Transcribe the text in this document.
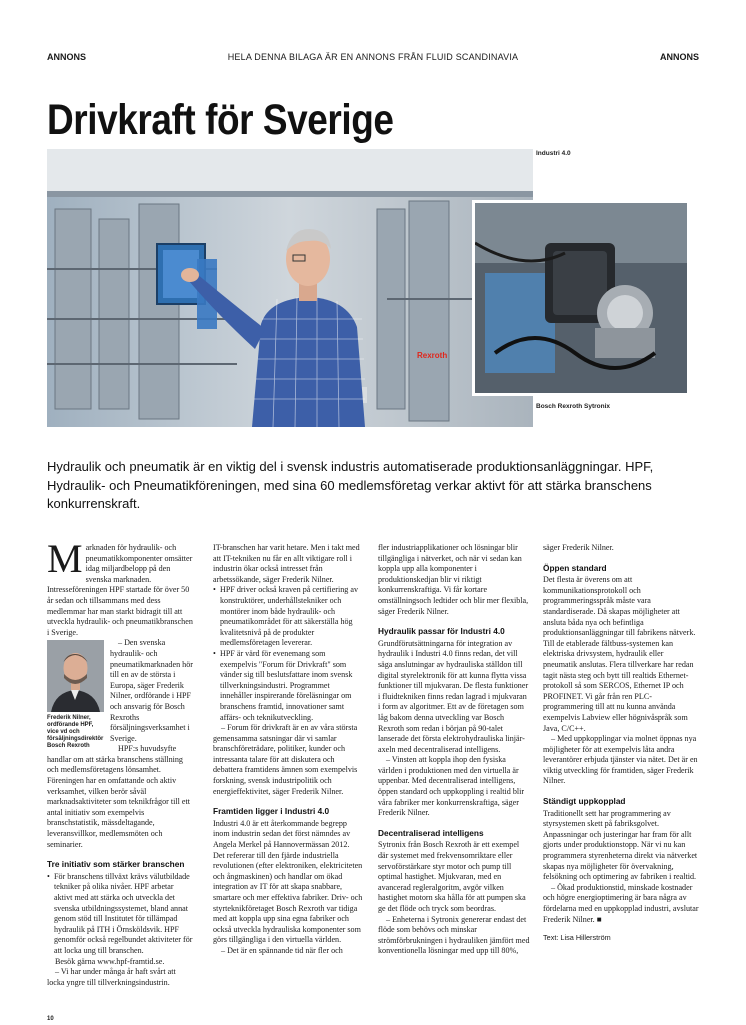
HELA DENNA BILAGA ÄR EN ANNONS FRÅN FLUID SCANDINAVIA
ANNONS	ANNONS
Drivkraft för Sverige
Rexroth
Industri 4.0
Bosch Rexroth Sytronix

Hydraulik och pneumatik är en viktig del i svensk industris automatiserade produktionsanläggningar. HPF, Hydraulik- och Pneumatikföreningen, med sina 60 medlemsföretag verkar aktivt för att stärka branschens konkurrenskraft.

Marknaden för hydraulik- och pneumatikkomponenter omsätter idag miljardbelopp på den svenska marknaden. Intresseföreningen HPF startade för över 50 år sedan och tillsammans med dess medlemmar har man starkt bidragit till att utveckla hydraulik- och pneumatikbranschen i Sverige.

Frederik Nilner, ordförande HPF, vice vd och försäljningsdirektör Bosch Rexroth

– Den svenska hydraulik- och pneumatikmarknaden hör till en av de största i Europa, säger Frederik Nilner, ordförande i HPF och ansvarig för Bosch Rexroths försäljningsverksamhet i Sverige.

HPF:s huvudsyfte handlar om att stärka branschens ställning och medlemsföretagens lönsamhet. Föreningen har en omfattande och aktiv verksamhet, vilken berör såväl marknadsaktiviteter som teknikfrågor till ett antal initiativ som exempelvis branschstatistik, mässdeltagande, leveransvillkor, medlemsmöten och seminarier.

Tre initiativ som stärker branschen
• För branschens tillväxt krävs välutbildade tekniker på olika nivåer. HPF arbetar aktivt med att stärka och utveckla det svenska utbildningssystemet, bland annat genom stöd till Institutet för tillämpad hydraulik på ITH i Örnsköldsvik. HPF genomför också regelbundet aktiviteter för att locka ung till branschen.

Besök gärna www.hpf-framtid.se.

– Vi har under många år haft svårt att locka yngre till tillverkningsindustrin.

IT-branschen har varit hetare. Men i takt med att IT-tekniken nu får en allt viktigare roll i industrin ökar också intresset från arbetssökande, säger Frederik Nilner.

• HPF driver också kraven på certifiering av konstruktörer, underhållstekniker och montörer inom både hydraulik- och pneumatikområdet för att säkerställa hög kvalitetsnivå på de produkter medlemsföretagen levererar.
• HPF är värd för evenemang som exempelvis "Forum för Drivkraft" som vänder sig till beslutsfattare inom svensk tillverkningsindustri. Programmet innehåller inspirerande föreläsningar om branschens framtid, innovationer samt affärs- och teknikutveckling.

– Forum för drivkraft är en av våra största gemensamma satsningar där vi samlar branschföreträdare, politiker, kunder och intressanta talare för att diskutera och debattera framtidens ämnen som exempelvis forskning, svensk industripolitik och energieffektivitet, säger Frederik Nilner.

Framtiden ligger i Industri 4.0

Industri 4.0 är ett återkommande begrepp inom industrin sedan det först nämndes av Angela Merkel på Hannovermässan 2012. Det refererar till den fjärde industriella revolutionen (efter elektroniken, elektriciteten och ångmaskinen) och handlar om ökad integration av IT för att skapa snabbare, smartare och mer effektiva fabriker. Driv- och styrteknikföretaget Bosch Rexroth var tidiga med att koppla upp sina egna fabriker och också utveckla hydrauliska komponenter som görs tillgängliga i den virtuella världen.

– Det är en spännande tid när fler och

fler industriapplikationer och lösningar blir tillgängliga i nätverket, och när vi sedan kan koppla upp alla komponenter i produktionskedjan blir vi riktigt konkurrenskraftiga. Vi får kortare omställningsoch ledtider och blir mer flexibla, säger Frederik Nilner.

Hydraulik passar för Industri 4.0

Grundförutsättningarna för integration av hydraulik i Industri 4.0 finns redan, det vill säga anslutningar av hydrauliska ställdon till digital styrelektronik för att kunna flytta vissa funktioner till mjukvaran. De flesta funktioner i fluidtekniken finns redan lagrad i mjukvaran i form av algoritmer. Ett av de företagen som låg bakom denna utveckling var Bosch Rexroth som redan i början på 90-talet lanserade det första elektrohydrauliska linjär-axeln med decentraliserad intelligens.

– Vinsten att koppla ihop den fysiska världen i produktionen med den virtuella är uppenbar. Med decentraliserad intelligens, öppen standard och uppkoppling i realtid blir våra fabriker mer konkurrenskraftiga, säger Frederik Nilner.

Decentraliserad intelligens

Sytronix från Bosch Rexroth är ett exempel där systemet med frekvensomriktare eller servoförstärkare styr motor och pump till optimal hastighet. Mjukvaran, med en avancerad regleralgoritm, avgör vilken hastighet motorn ska hålla för att pumpen ska ge det flöde och tryck som beordras.

– Enheterna i Sytronix genererar endast det flöde som behövs och minskar strömförbrukningen i hydrauliken jämfört med konventionella lösningar med upp till 80%,

säger Frederik Nilner.

Öppen standard

Det flesta är överens om att kommunikationsprotokoll och programmeringsspråk måste vara standardiserade. Då skapas möjligheter att ansluta båda nya och befintliga produktionsanläggningar till fabrikens nätverk. Till de etablerade fältbuss-systemen kan elektriska drivsystem, hydraulik eller pneumatik anslutas. Flera tillverkare har redan tagit nästa steg och bytt till realtids Ethernet-protokoll så som SERCOS, Ethernet IP och PROFINET. Vi går från ren PLC-programmering till att nu kunna använda exempelvis Labview eller högnivåspråk som Java, C/C++.

– Med uppkopplingar via molnet öppnas nya möjligheter för att exempelvis låta andra leverantörer erbjuda tjänster via nätet. Det är en viktig utveckling för framtiden, säger Frederik Nilner.

Ständigt uppkopplad

Traditionellt sett har programmering av styrsystemen skett på fabriksgolvet. Anpassningar och justeringar har fram för allt gjorts under produktionstopp. När vi nu kan programmera styrenheterna direkt via nätverket skapas nya möjligheter för övervakning, felsökning och optimering av fabriken i realtid.

– Ökad produktionstid, minskade kostnader och högre energioptimering är bara några av fördelarna med en uppkopplad industri, avslutar Frederik Nilner. ■

Text: Lisa Hillerström

10
